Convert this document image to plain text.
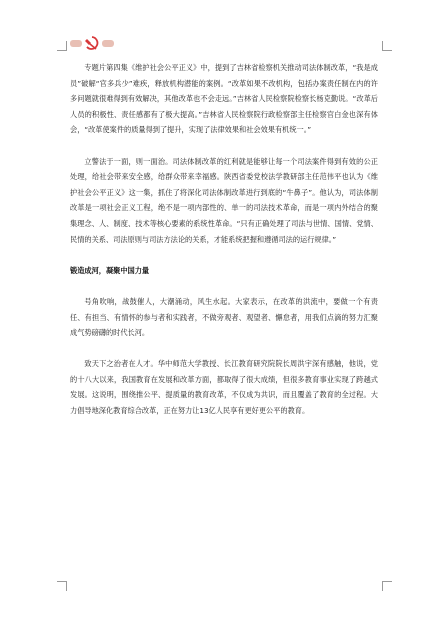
专题片第四集《维护社会公平正义》中，提到了吉林省检察机关推动司法体制改革，“我是成员”破解“官多兵少”难疾，释放机构潜能的案例。“改革如果不改机构，包括办案责任制在内的许多问题就很难得到有效解决，其他改革也不会走远。”吉林省人民检察院检察长杨克勤说。“改革后人员的积极性、责任感都有了极大提高。”吉林省人民检察院行政检察部主任检察官白金也深有体会，“改革使案件的质量得到了提升，实现了法律效果和社会效果有机统一。”

立警法于一面，则一面治。司法体制改革的红利就是能够让每一个司法案件得到有效的公正处理，给社会带来安全感，给群众带来幸福感。陕西省委党校法学教研部主任范伟平也认为《维护社会公平正义》这一集，抓住了将深化司法体制改革进行到底的“牛鼻子”。他认为，司法体制改革是一项社会正义工程，绝不是一项内部性的、单一的司法技术革命，而是一项内外结合的聚集理念、人、制度、技术等核心要素的系统性革命。“只有正确处理了司法与世情、国情、党情、民情的关系、司法原则与司法方法论的关系，才能系统把握和遵循司法的运行规律。”

锻造成河，凝聚中国力量

号角吹响，战鼓催人，大潮涌动，风生水起。大家表示，在改革的洪流中，要做一个有责任、有担当、有情怀的参与者和实践者，不做旁观者、观望者、懈怠者，用我们点滴的努力汇聚成气势磅礴的时代长河。

致天下之治者在人才。华中师范大学教授、长江教育研究院院长周洪宇深有感触，他说，党的十八大以来，我国教育在发展和改革方面，都取得了很大成绩，但很多教育事业实现了跨越式发展。这说明，围绕推公平、提质量的教育改革，不仅成为共识，而且覆盖了教育的全过程。大力倡导地深化教育综合改革，正在努力让13亿人民享有更好更公平的教育。
